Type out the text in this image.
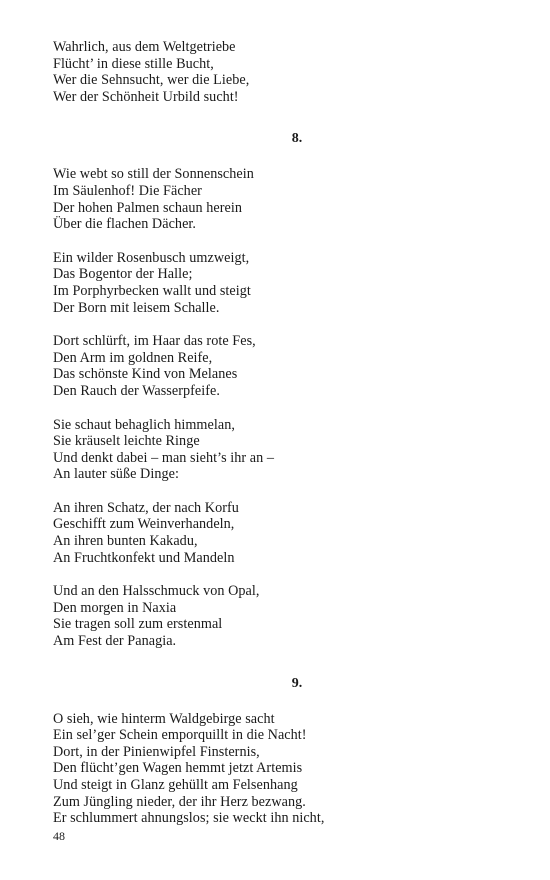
Wahrlich, aus dem Weltgetriebe
Flücht’ in diese stille Bucht,
Wer die Sehnsucht, wer die Liebe,
Wer der Schönheit Urbild sucht!
8.
Wie webt so still der Sonnenschein
Im Säulenhof! Die Fächer
Der hohen Palmen schaun herein
Über die flachen Dächer.
Ein wilder Rosenbusch umzweigt,
Das Bogentor der Halle;
Im Porphyrbecken wallt und steigt
Der Born mit leisem Schalle.
Dort schlürft, im Haar das rote Fes,
Den Arm im goldnen Reife,
Das schönste Kind von Melanes
Den Rauch der Wasserpfeife.
Sie schaut behaglich himmelan,
Sie kräuselt leichte Ringe
Und denkt dabei – man sieht’s ihr an –
An lauter süße Dinge:
An ihren Schatz, der nach Korfu
Geschifft zum Weinverhandeln,
An ihren bunten Kakadu,
An Fruchtkonfekt und Mandeln
Und an den Halsschmuck von Opal,
Den morgen in Naxia
Sie tragen soll zum erstenmal
Am Fest der Panagia.
9.
O sieh, wie hinterm Waldgebirge sacht
Ein sel’ger Schein emporquillt in die Nacht!
Dort, in der Pinienwipfel Finsternis,
Den flücht’gen Wagen hemmt jetzt Artemis
Und steigt in Glanz gehüllt am Felsenhang
Zum Jüngling nieder, der ihr Herz bezwang.
Er schlummert ahnungslos; sie weckt ihn nicht,
48
